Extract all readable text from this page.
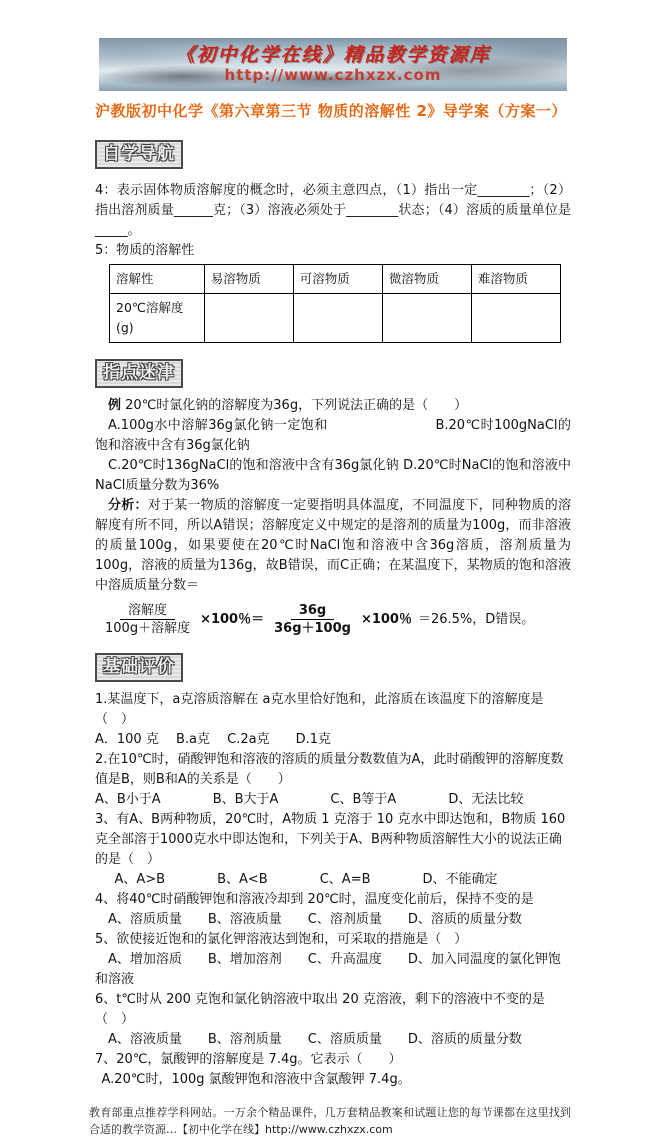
《初中化学在线》精品教学资源库
http://www.czhxzx.com
沪教版初中化学《第六章第三节 物质的溶解性 2》导学案（方案一）
自学导航

4：表示固体物质溶解度的概念时，必须主意四点，（1）指出一定________；（2）指出溶剂质量______克；（3）溶液必须处于________状态；（4）溶质的质量单位是_____。

5：物质的溶解性

溶解性	易溶物质	可溶物质	微溶物质	难溶物质
20℃溶解度(g)				
指点迷津

例 20℃时氯化钠的溶解度为36g，下列说法正确的是（　　）

A.100g水中溶解36g氯化钠一定饱和　　　　　　　　B.20℃时100gNaCl的饱和溶液中含有36g氯化钠

C.20℃时136gNaCl的饱和溶液中含有36g氯化钠 D.20℃时NaCl的饱和溶液中NaCl质量分数为36%

分析：对于某一物质的溶解度一定要指明具体温度，不同温度下，同种物质的溶解度有所不同，所以A错误；溶解度定义中规定的是溶剂的质量为100g，而非溶液的质量100g，如果要使在20℃时NaCl饱和溶液中含36g溶质，溶剂质量为100g，溶液的质量为136g，故B错误，而C正确；在某温度下，某物质的饱和溶液中溶质质量分数＝

$\frac{\text{溶解度}}{\text{100g＋溶解度}} \times 100$％＝ $\frac{36g}{36g+100g} \times 100$％ ＝26.5%，D错误。
基础评价

1.某温度下，a克溶质溶解在 a克水里恰好饱和，此溶质在该温度下的溶解度是（　）

A．100 克　 B.a克　 C.2a克　　D.1克

2.在10℃时，硝酸钾饱和溶液的溶质的质量分数数值为A，此时硝酸钾的溶解度数值是B，则B和A的关系是（　　）

A、B小于A　　　　B、B大于A　　　　C、B等于A　　　　D、无法比较

3、有A、B两种物质，20℃时，A物质 1 克溶于 10 克水中即达饱和，B物质 160 克全部溶于1000克水中即达饱和，下列关于A、B两种物质溶解性大小的说法正确的是（　）

A、A>B　　　　B、A<B　　　　C、A=B　　　　D、不能确定

4、将40℃时硝酸钾饱和溶液冷却到 20℃时，温度变化前后，保持不变的是

A、溶质质量　　B、溶液质量　　C、溶剂质量　　D、溶质的质量分数

5、欲使接近饱和的氯化钾溶液达到饱和，可采取的措施是（　）

A、增加溶质　　B、增加溶剂　　C、升高温度　　D、加入同温度的氯化钾饱和溶液

6、t℃时从 200 克饱和氯化钠溶液中取出 20 克溶液，剩下的溶液中不变的是（　）

A、溶液质量　　B、溶剂质量　　C、溶质质量　　D、溶质的质量分数

7、20℃，氯酸钾的溶解度是 7.4g。它表示（　　）

A.20℃时，100g 氯酸钾饱和溶液中含氯酸钾 7.4g。

教育部重点推荐学科网站。一万余个精品课件，几万套精品教案和试题让您的每节课都在这里找到合适的教学资源…【初中化学在线】http://www.czhxzx.com
